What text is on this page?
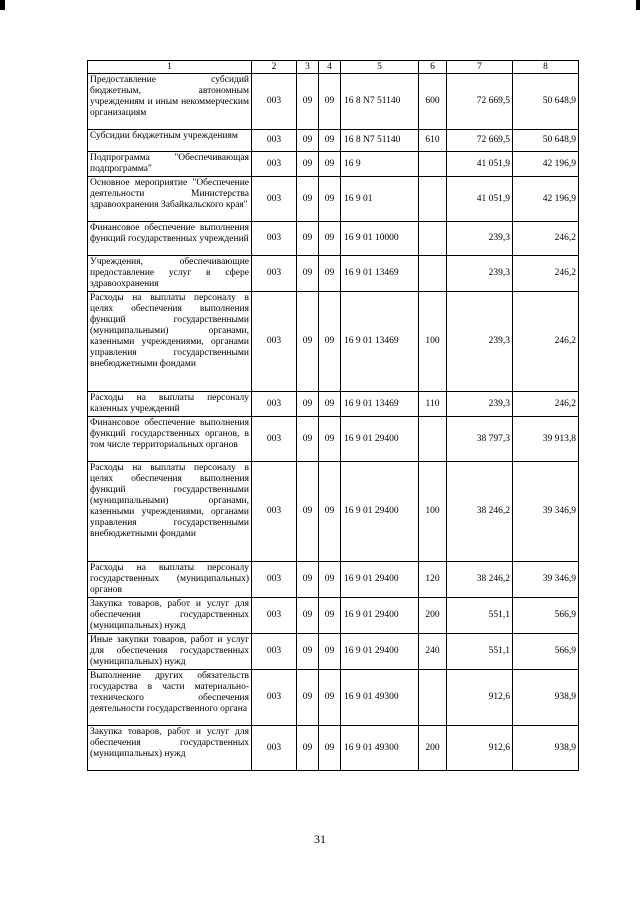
1	2	3	4	5	6	7	8
Предоставление субсидий бюджетным, автономным учреждениям и иным некоммерческим организациям	003	09	09	16 8 N7 51140	600	72 669,5	50 648,9
Субсидии бюджетным учреждениям	003	09	09	16 8 N7 51140	610	72 669,5	50 648,9
Подпрограмма "Обеспечивающая подпрограмма"	003	09	09	16 9		41 051,9	42 196,9
Основное мероприятие "Обеспечение деятельности Министерства здравоохранения Забайкальского края"	003	09	09	16 9 01		41 051,9	42 196,9
Финансовое обеспечение выполнения функций государственных учреждений	003	09	09	16 9 01 10000		239,3	246,2
Учреждения, обеспечивающие предоставление услуг в сфере здравоохранения	003	09	09	16 9 01 13469		239,3	246,2
Расходы на выплаты персоналу в целях обеспечения выполнения функций государственными (муниципальными) органами, казенными учреждениями, органами управления государственными внебюджетными фондами	003	09	09	16 9 01 13469	100	239,3	246,2
Расходы на выплаты персоналу казенных учреждений	003	09	09	16 9 01 13469	110	239,3	246,2
Финансовое обеспечение выполнения функций государственных органов, в том числе территориальных органов	003	09	09	16 9 01 29400		38 797,3	39 913,8
Расходы на выплаты персоналу в целях обеспечения выполнения функций государственными (муниципальными) органами, казенными учреждениями, органами управления государственными внебюджетными фондами	003	09	09	16 9 01 29400	100	38 246,2	39 346,9
Расходы на выплаты персоналу государственных (муниципальных) органов	003	09	09	16 9 01 29400	120	38 246,2	39 346,9
Закупка товаров, работ и услуг для обеспечения государственных (муниципальных) нужд	003	09	09	16 9 01 29400	200	551,1	566,9
Иные закупки товаров, работ и услуг для обеспечения государственных (муниципальных) нужд	003	09	09	16 9 01 29400	240	551,1	566,9
Выполнение других обязательств государства в части материально-технического обеспечения деятельности государственного органа	003	09	09	16 9 01 49300		912,6	938,9
Закупка товаров, работ и услуг для обеспечения государственных (муниципальных) нужд	003	09	09	16 9 01 49300	200	912,6	938,9
31
